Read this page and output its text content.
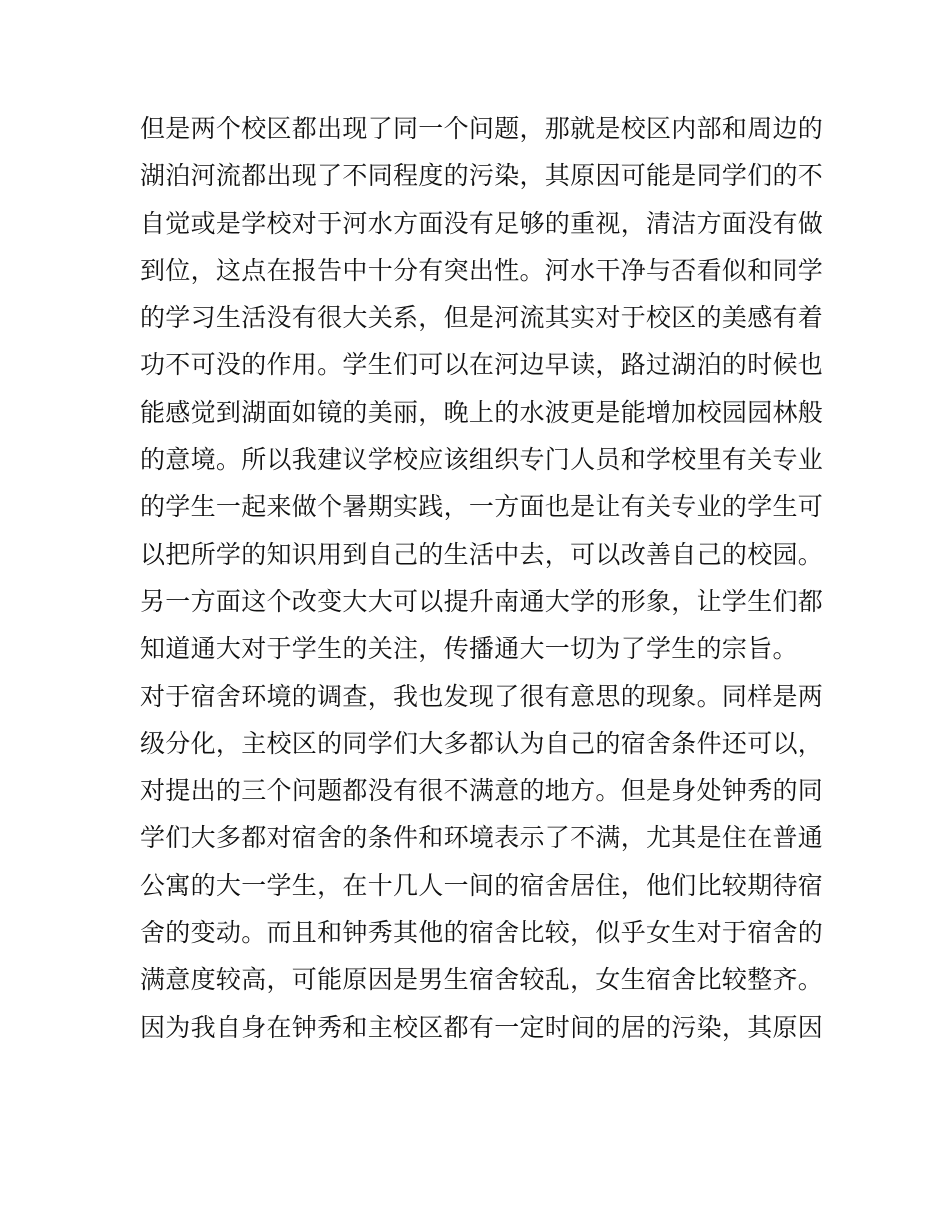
但是两个校区都出现了同一个问题，那就是校区内部和周边的
湖泊河流都出现了不同程度的污染，其原因可能是同学们的不
自觉或是学校对于河水方面没有足够的重视，清洁方面没有做
到位，这点在报告中十分有突出性。河水干净与否看似和同学
的学习生活没有很大关系，但是河流其实对于校区的美感有着
功不可没的作用。学生们可以在河边早读，路过湖泊的时候也
能感觉到湖面如镜的美丽，晚上的水波更是能增加校园园林般
的意境。所以我建议学校应该组织专门人员和学校里有关专业
的学生一起来做个暑期实践，一方面也是让有关专业的学生可
以把所学的知识用到自己的生活中去，可以改善自己的校园。
另一方面这个改变大大可以提升南通大学的形象，让学生们都
知道通大对于学生的关注，传播通大一切为了学生的宗旨。
对于宿舍环境的调查，我也发现了很有意思的现象。同样是两
级分化，主校区的同学们大多都认为自己的宿舍条件还可以，
对提出的三个问题都没有很不满意的地方。但是身处钟秀的同
学们大多都对宿舍的条件和环境表示了不满，尤其是住在普通
公寓的大一学生，在十几人一间的宿舍居住，他们比较期待宿
舍的变动。而且和钟秀其他的宿舍比较，似乎女生对于宿舍的
满意度较高，可能原因是男生宿舍较乱，女生宿舍比较整齐。
因为我自身在钟秀和主校区都有一定时间的居的污染，其原因
